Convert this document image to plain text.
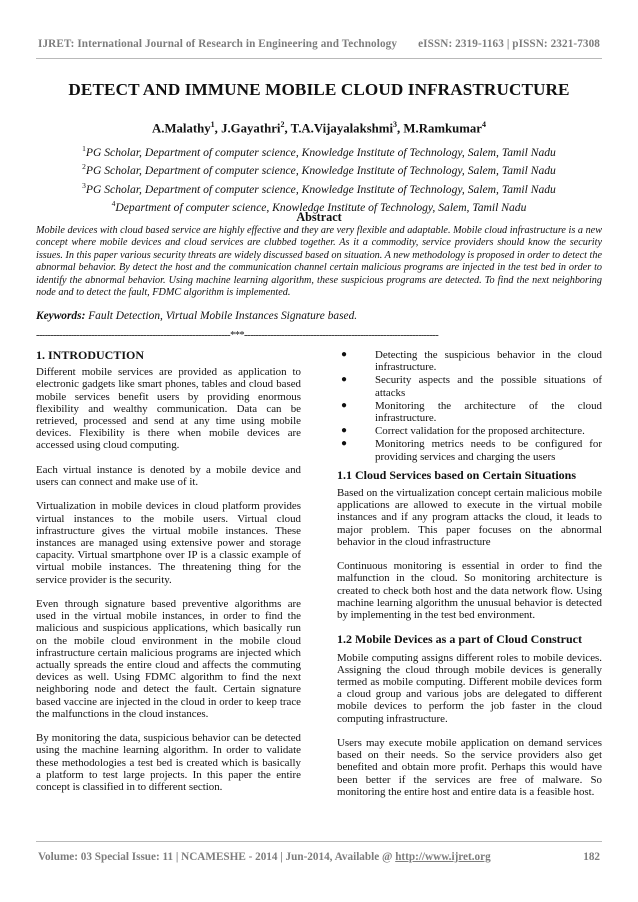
IJRET: International Journal of Research in Engineering and Technology eISSN: 2319-1163 | pISSN: 2321-7308
DETECT AND IMMUNE MOBILE CLOUD INFRASTRUCTURE
A.Malathy$^1$, J.Gayathri$^2$, T.A.Vijayalakshmi$^3$, M.Ramkumar$^4$
$^1$PG Scholar, Department of computer science, Knowledge Institute of Technology, Salem, Tamil Nadu
$^2$PG Scholar, Department of computer science, Knowledge Institute of Technology, Salem, Tamil Nadu
$^3$PG Scholar, Department of computer science, Knowledge Institute of Technology, Salem, Tamil Nadu
$^4$Department of computer science, Knowledge Institute of Technology, Salem, Tamil Nadu
Abstract
Mobile devices with cloud based service are highly effective and they are very flexible and adaptable. Mobile cloud infrastructure is a new concept where mobile devices and cloud services are clubbed together. As it a commodity, service providers should know the security issues. In this paper various security threats are widely discussed based on situation. A new methodology is proposed in order to detect the abnormal behavior. By detect the host and the communication channel certain malicious programs are injected in the test bed in order to identify the abnormal behavior. Using machine learning algorithm, these suspicious programs are detected. To find the next neighboring node and to detect the fault, FDMC algorithm is implemented.
Keywords: Fault Detection, Virtual Mobile Instances Signature based.
-------------------------------------------------------------------***-------------------------------------------------------------------
1. INTRODUCTION

Different mobile services are provided as application to electronic gadgets like smart phones, tables and cloud based mobile services benefit users by providing enormous flexibility and wealthy communication. Data can be retrieved, processed and send at any time using mobile devices. Flexibility is there when mobile devices are accessed using cloud computing.

Each virtual instance is denoted by a mobile device and users can connect and make use of it.

Virtualization in mobile devices in cloud platform provides virtual instances to the mobile users. Virtual cloud infrastructure gives the virtual mobile instances. These instances are managed using extensive power and storage capacity. Virtual smartphone over IP is a classic example of virtual mobile instances. The threatening thing for the service provider is the security.

Even through signature based preventive algorithms are used in the virtual mobile instances, in order to find the malicious and suspicious applications, which basically run on the mobile cloud environment in the mobile cloud infrastructure certain malicious programs are injected which actually spreads the entire cloud and affects the commuting devices as well. Using FDMC algorithm to find the next neighboring node and detect the fault. Certain signature based vaccine are injected in the cloud in order to keep trace the malfunctions in the cloud instances.

By monitoring the data, suspicious behavior can be detected using the machine learning algorithm. In order to validate these methodologies a test bed is created which is basically a platform to test large projects. In this paper the entire concept is classified in to different section.

●	Detecting the suspicious behavior in the cloud infrastructure.
●	Security aspects and the possible situations of attacks
●	Monitoring the architecture of the cloud infrastructure.
●	Correct validation for the proposed architecture.
●	Monitoring metrics needs to be configured for providing services and charging the users
1.1 Cloud Services based on Certain Situations

Based on the virtualization concept certain malicious mobile applications are allowed to execute in the virtual mobile instances and if any program attacks the cloud, it leads to major problem. This paper focuses on the abnormal behavior in the cloud infrastructure

Continuous monitoring is essential in order to find the malfunction in the cloud. So monitoring architecture is created to check both host and the data network flow. Using machine learning algorithm the unusual behavior is detected by implementing in the test bed environment.

1.2 Mobile Devices as a part of Cloud Construct

Mobile computing assigns different roles to mobile devices. Assigning the cloud through mobile devices is generally termed as mobile computing. Different mobile devices form a cloud group and various jobs are delegated to different mobile devices to perform the job faster in the cloud computing infrastructure.

Users may execute mobile application on demand services based on their needs. So the service providers also get benefited and obtain more profit. Perhaps this would have been better if the services are free of malware. So monitoring the entire host and entire data is a feasible host.

Volume: 03 Special Issue: 11 | NCAMESHE - 2014 | Jun-2014, Available @ http://www.ijret.org	182
